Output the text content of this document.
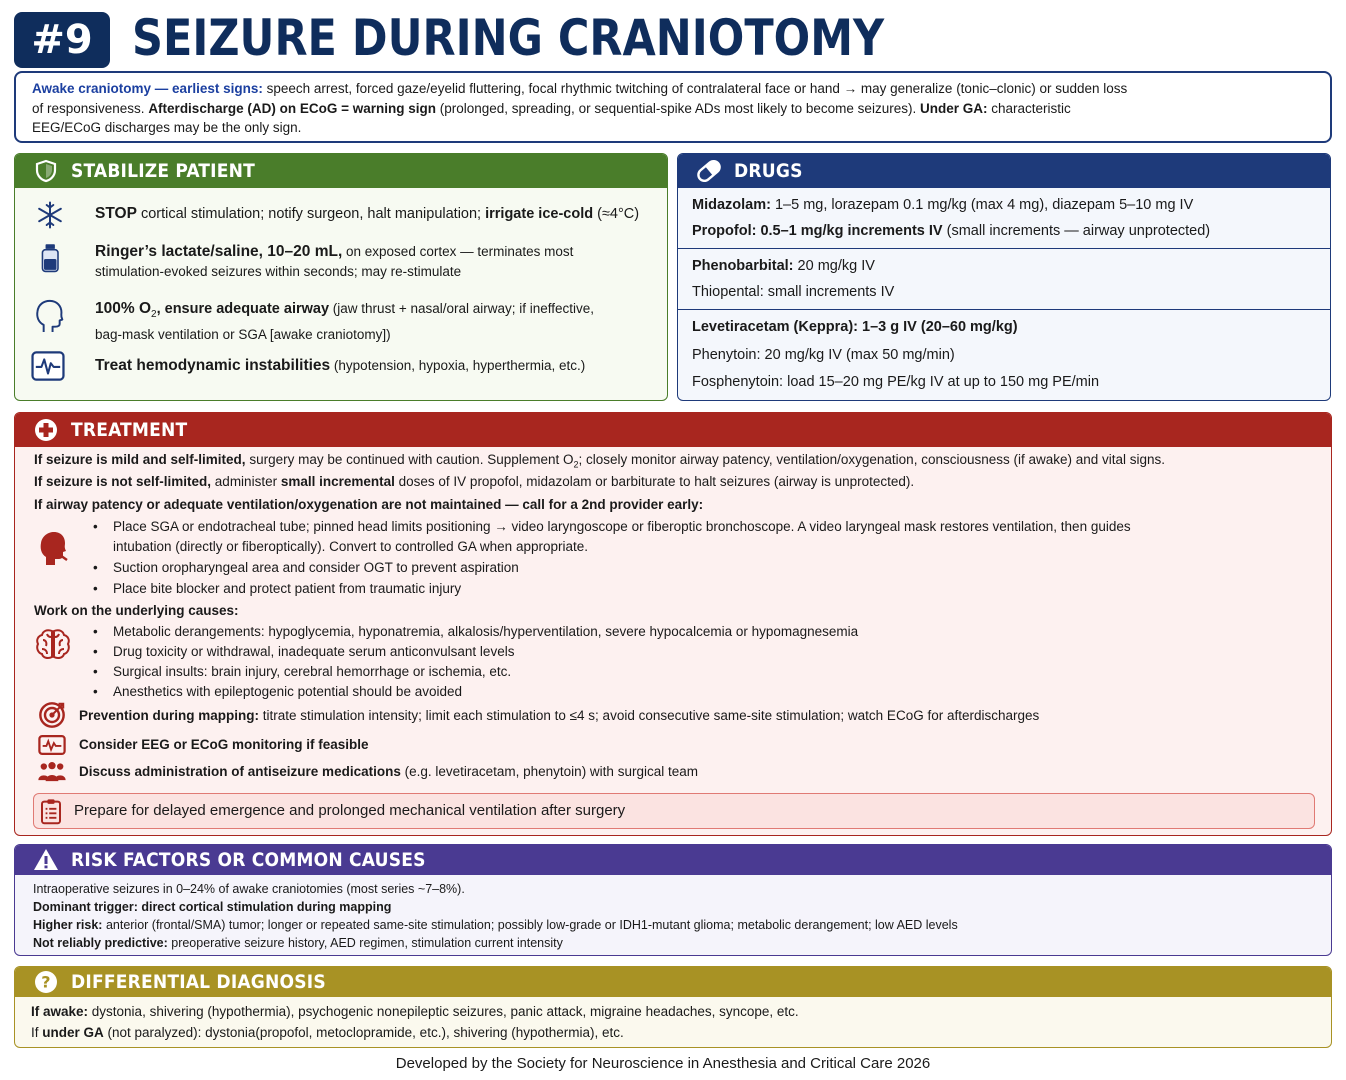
#9 SEIZURE DURING CRANIOTOMY
Awake craniotomy — earliest signs: speech arrest, forced gaze/eyelid fluttering, focal rhythmic twitching of contralateral face or hand → may generalize (tonic–clonic) or sudden loss
of responsiveness. Afterdischarge (AD) on ECoG = warning sign (prolonged, spreading, or sequential-spike ADs most likely to become seizures). Under GA: characteristic
EEG/ECoG discharges may be the only sign.
STABILIZE PATIENT
STOP cortical stimulation; notify surgeon, halt manipulation; irrigate ice-cold (≈4°C)
Ringer’s lactate/saline, 10–20 mL, on exposed cortex — terminates most
stimulation-evoked seizures within seconds; may re-stimulate
100% $O_2$, ensure adequate airway (jaw thrust + nasal/oral airway; if ineffective,
bag-mask ventilation or SGA [awake craniotomy])
Treat hemodynamic instabilities (hypotension, hypoxia, hyperthermia, etc.)
DRUGS
Midazolam: 1–5 mg, lorazepam 0.1 mg/kg (max 4 mg), diazepam 5–10 mg IV
Propofol: 0.5–1 mg/kg increments IV (small increments — airway unprotected)
Phenobarbital: 20 mg/kg IV
Thiopental: small increments IV
Levetiracetam (Keppra): 1–3 g IV (20–60 mg/kg)
Phenytoin: 20 mg/kg IV (max 50 mg/min)
Fosphenytoin: load 15–20 mg PE/kg IV at up to 150 mg PE/min
TREATMENT
If seizure is mild and self-limited, surgery may be continued with caution. Supplement $O_2$; closely monitor airway patency, ventilation/oxygenation, consciousness (if awake) and vital signs.
If seizure is not self-limited, administer small incremental doses of IV propofol, midazolam or barbiturate to halt seizures (airway is unprotected).
If airway patency or adequate ventilation/oxygenation are not maintained — call for a 2nd provider early:
• Place SGA or endotracheal tube; pinned head limits positioning → video laryngoscope or fiberoptic bronchoscope. A video laryngeal mask restores ventilation, then guides
intubation (directly or fiberoptically). Convert to controlled GA when appropriate.
• Suction oropharyngeal area and consider OGT to prevent aspiration
• Place bite blocker and protect patient from traumatic injury
Work on the underlying causes:
• Metabolic derangements: hypoglycemia, hyponatremia, alkalosis/hyperventilation, severe hypocalcemia or hypomagnesemia
• Drug toxicity or withdrawal, inadequate serum anticonvulsant levels
• Surgical insults: brain injury, cerebral hemorrhage or ischemia, etc.
• Anesthetics with epileptogenic potential should be avoided
Prevention during mapping: titrate stimulation intensity; limit each stimulation to ≤4 s; avoid consecutive same-site stimulation; watch ECoG for afterdischarges
Consider EEG or ECoG monitoring if feasible
Discuss administration of antiseizure medications (e.g. levetiracetam, phenytoin) with surgical team
Prepare for delayed emergence and prolonged mechanical ventilation after surgery
RISK FACTORS OR COMMON CAUSES
Intraoperative seizures in 0–24% of awake craniotomies (most series ~7–8%).
Dominant trigger: direct cortical stimulation during mapping
Higher risk: anterior (frontal/SMA) tumor; longer or repeated same-site stimulation; possibly low-grade or IDH1-mutant glioma; metabolic derangement; low AED levels
Not reliably predictive: preoperative seizure history, AED regimen, stimulation current intensity
? DIFFERENTIAL DIAGNOSIS
If awake: dystonia, shivering (hypothermia), psychogenic nonepileptic seizures, panic attack, migraine headaches, syncope, etc.
If under GA (not paralyzed): dystonia(propofol, metoclopramide, etc.), shivering (hypothermia), etc.
Developed by the Society for Neuroscience in Anesthesia and Critical Care 2026
